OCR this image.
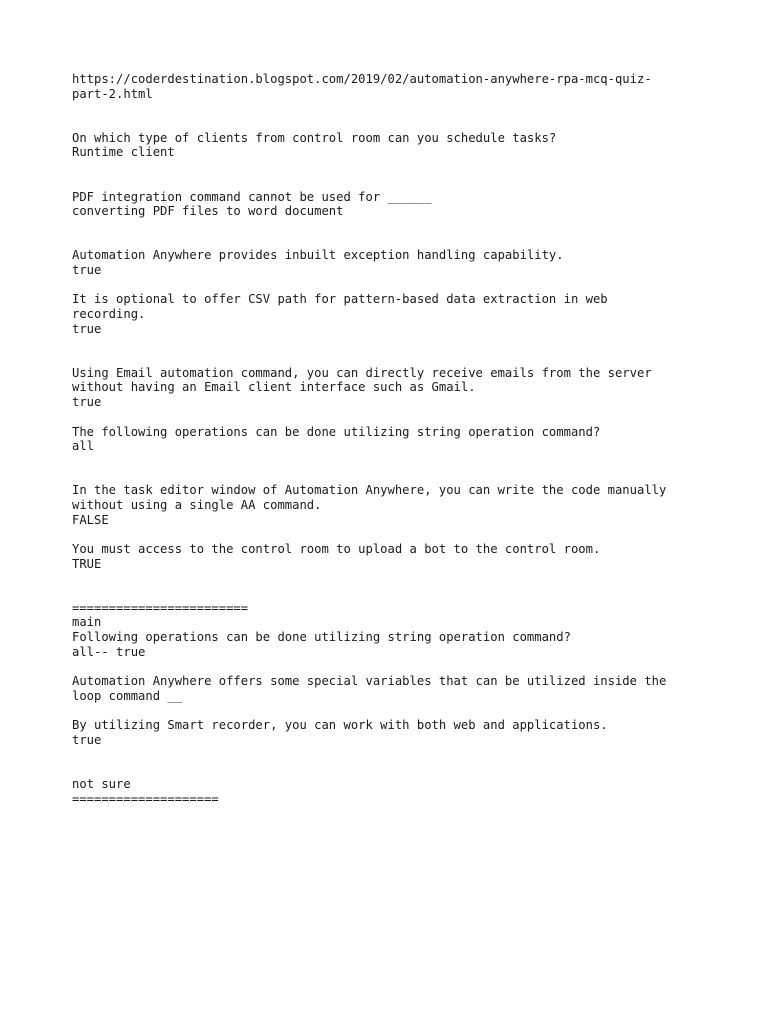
https://coderdestination.blogspot.com/2019/02/automation-anywhere-rpa-mcq-quiz-
part-2.html
On which type of clients from control room can you schedule tasks?
Runtime client
PDF integration command cannot be used for ______
converting PDF files to word document
Automation Anywhere provides inbuilt exception handling capability.
true
It is optional to offer CSV path for pattern-based data extraction in web
recording.
true
Using Email automation command, you can directly receive emails from the server
without having an Email client interface such as Gmail.
true
The following operations can be done utilizing string operation command?
all
In the task editor window of Automation Anywhere, you can write the code manually
without using a single AA command.
FALSE
You must access to the control room to upload a bot to the control room.
TRUE
========================
main
Following operations can be done utilizing string operation command?
all-- true
Automation Anywhere offers some special variables that can be utilized inside the
loop command __
By utilizing Smart recorder, you can work with both web and applications.
true
not sure
====================
